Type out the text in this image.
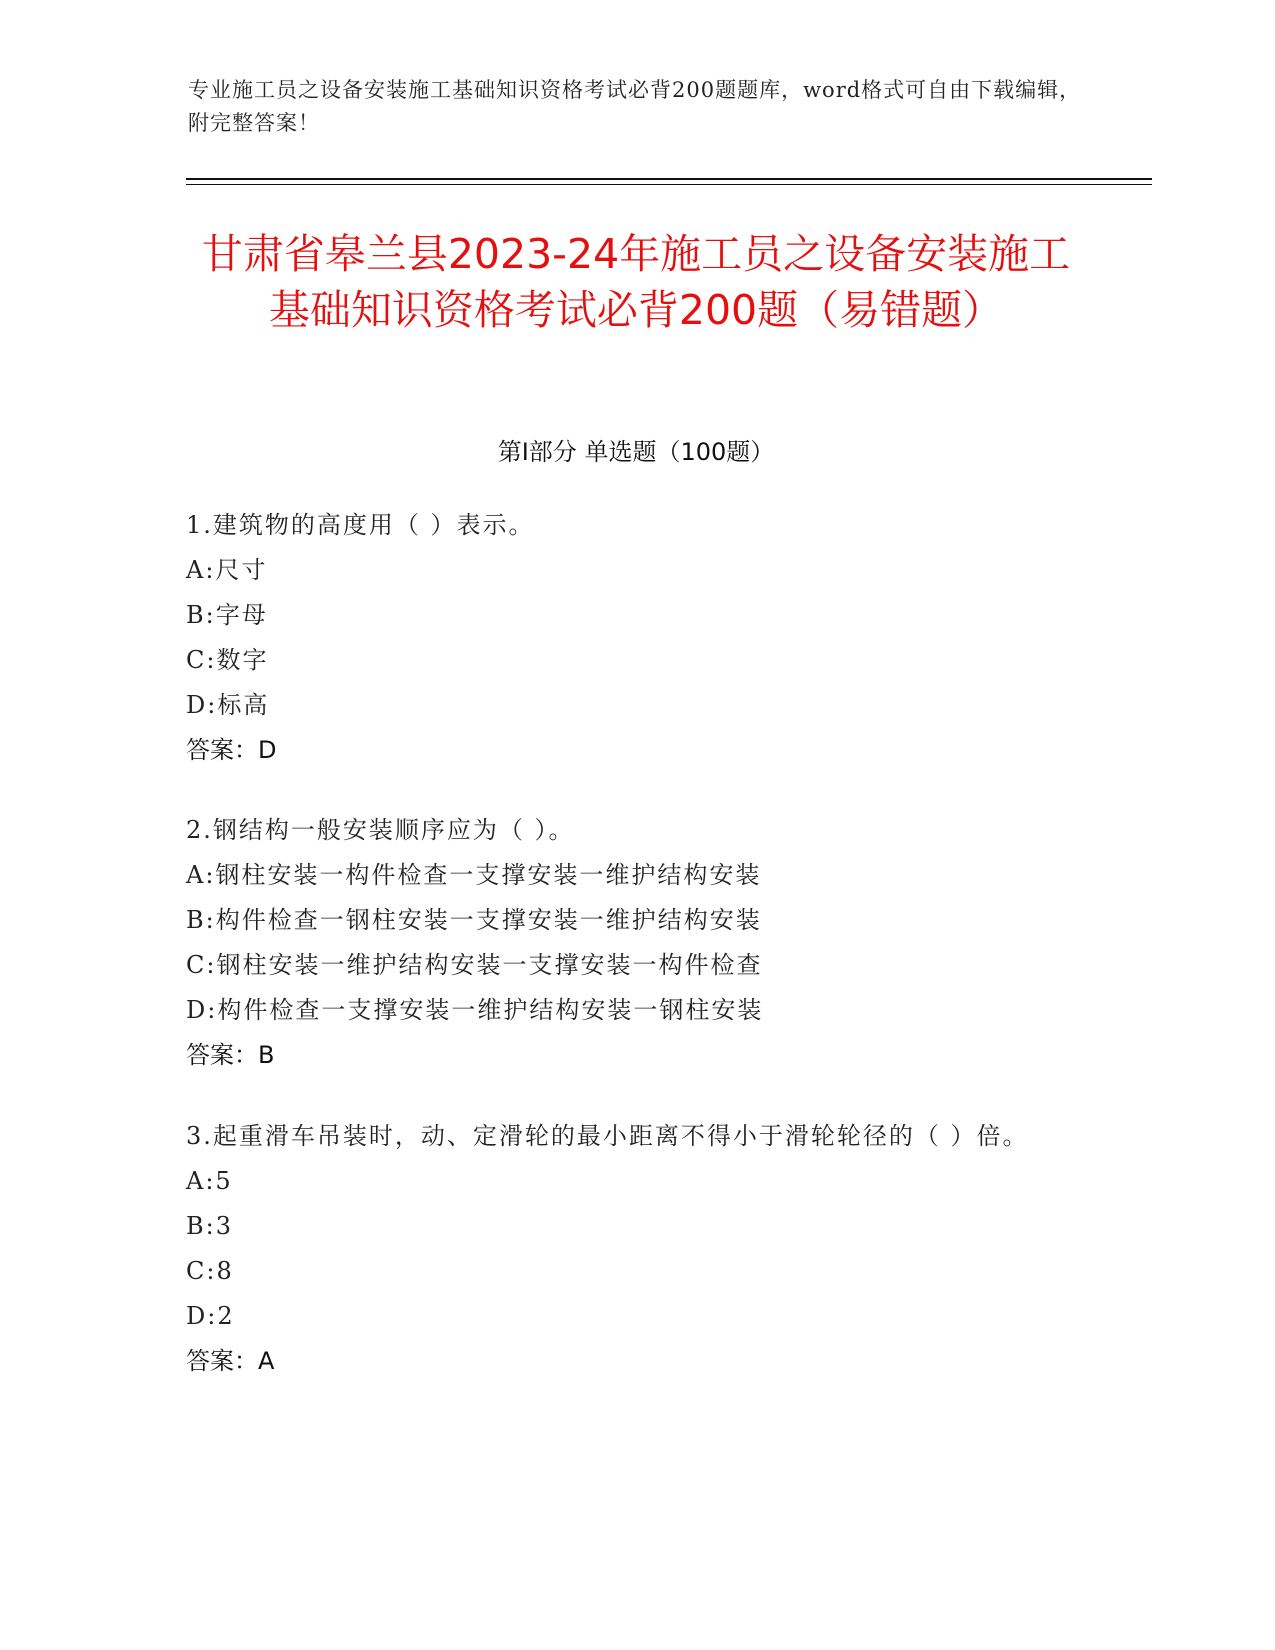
专业施工员之设备安装施工基础知识资格考试必背200题题库，word格式可自由下载编辑，附完整答案！
甘肃省皋兰县2023-24年施工员之设备安装施工基础知识资格考试必背200题（易错题）
第Ⅰ部分 单选题（100题）

1.建筑物的高度用（ ）表示。

A:尺寸

B:字母

C:数字

D:标高

答案：D

2.钢结构一般安装顺序应为（ ）。

A:钢柱安装一构件检查一支撑安装一维护结构安装

B:构件检查一钢柱安装一支撑安装一维护结构安装

C:钢柱安装一维护结构安装一支撑安装一构件检查

D:构件检查一支撑安装一维护结构安装一钢柱安装

答案：B

3.起重滑车吊装时，动、定滑轮的最小距离不得小于滑轮轮径的（ ）倍。

A:5

B:3

C:8

D:2

答案：A
